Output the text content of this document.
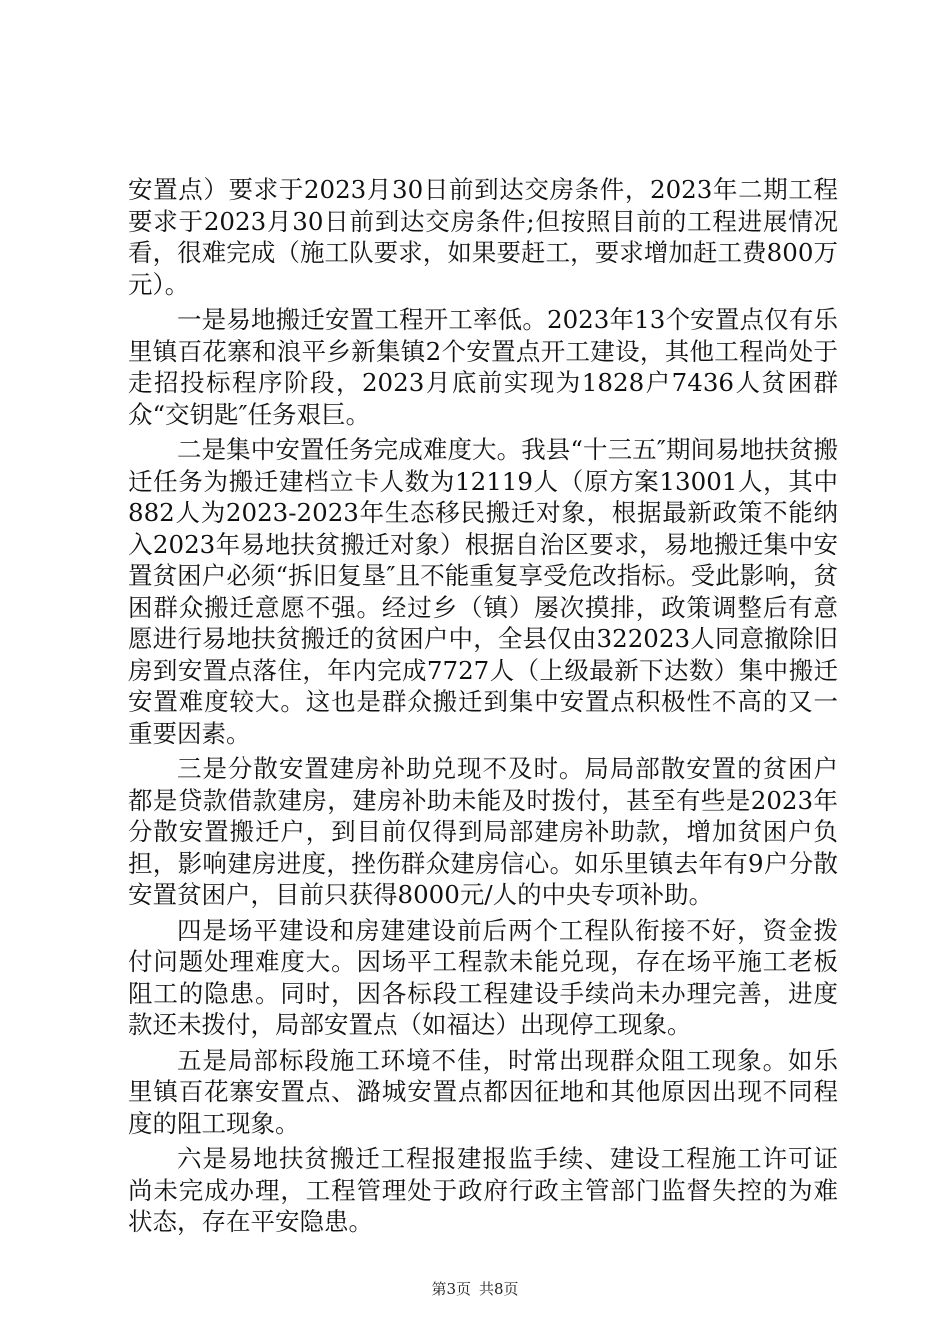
安置点）要求于2023月30日前到达交房条件，2023年二期工程要求于2023月30日前到达交房条件;但按照目前的工程进展情况看，很难完成（施工队要求，如果要赶工，要求增加赶工费800万元）。

一是易地搬迁安置工程开工率低。2023年13个安置点仅有乐里镇百花寨和浪平乡新集镇2个安置点开工建设，其他工程尚处于走招投标程序阶段，2023月底前实现为1828户7436人贫困群众“交钥匙″任务艰巨。

二是集中安置任务完成难度大。我县“十三五″期间易地扶贫搬迁任务为搬迁建档立卡人数为12119人（原方案13001人，其中882人为2023-2023年生态移民搬迁对象，根据最新政策不能纳入2023年易地扶贫搬迁对象）根据自治区要求，易地搬迁集中安置贫困户必须“拆旧复垦″且不能重复享受危改指标。受此影响，贫困群众搬迁意愿不强。经过乡（镇）屡次摸排，政策调整后有意愿进行易地扶贫搬迁的贫困户中，全县仅由322023人同意撤除旧房到安置点落住，年内完成7727人（上级最新下达数）集中搬迁安置难度较大。这也是群众搬迁到集中安置点积极性不高的又一重要因素。

三是分散安置建房补助兑现不及时。局局部散安置的贫困户都是贷款借款建房，建房补助未能及时拨付，甚至有些是2023年分散安置搬迁户，到目前仅得到局部建房补助款，增加贫困户负担，影响建房进度，挫伤群众建房信心。如乐里镇去年有9户分散安置贫困户，目前只获得8000元/人的中央专项补助。

四是场平建设和房建建设前后两个工程队衔接不好，资金拨付问题处理难度大。因场平工程款未能兑现，存在场平施工老板阻工的隐患。同时，因各标段工程建设手续尚未办理完善，进度款还未拨付，局部安置点（如福达）出现停工现象。

五是局部标段施工环境不佳，时常出现群众阻工现象。如乐里镇百花寨安置点、潞城安置点都因征地和其他原因出现不同程度的阻工现象。

六是易地扶贫搬迁工程报建报监手续、建设工程施工许可证尚未完成办理，工程管理处于政府行政主管部门监督失控的为难状态，存在平安隐患。

第3页 共8页
